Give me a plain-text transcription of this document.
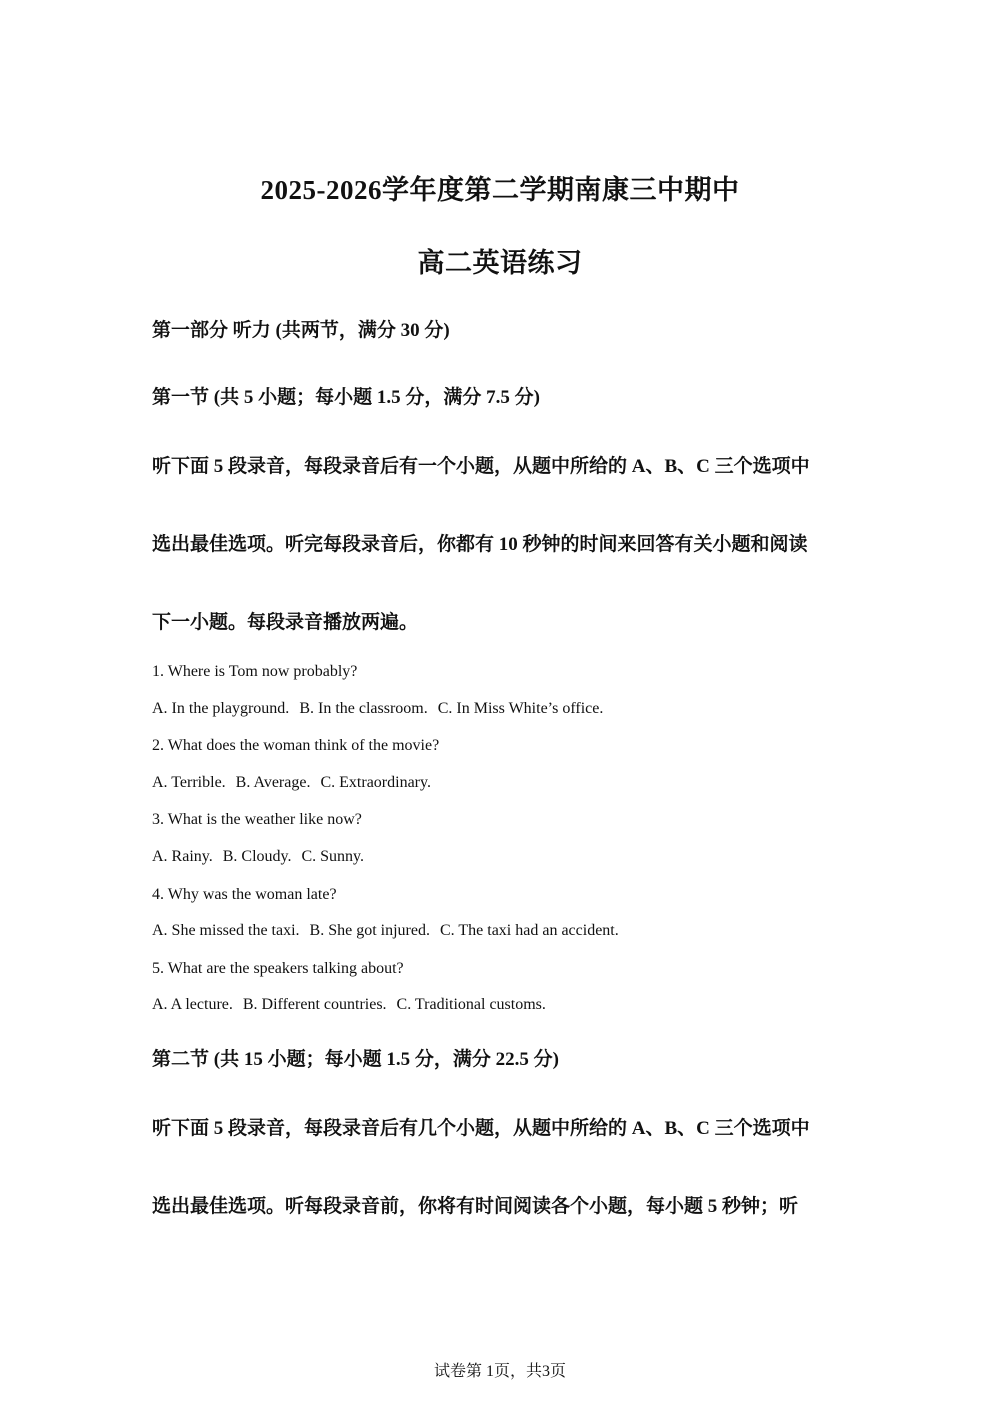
2025-2026学年度第二学期南康三中期中
高二英语练习
第一部分 听力 (共两节，满分 30 分)
第一节 (共 5 小题；每小题 1.5 分，满分 7.5 分)
听下面 5 段录音，每段录音后有一个小题，从题中所给的 A、B、C 三个选项中
选出最佳选项。听完每段录音后，你都有 10 秒钟的时间来回答有关小题和阅读
下一小题。每段录音播放两遍。
1. Where is Tom now probably?
A. In the playground. B. In the classroom. C. In Miss White’s office.
2. What does the woman think of the movie?
A. Terrible. B. Average. C. Extraordinary.
3. What is the weather like now?
A. Rainy. B. Cloudy. C. Sunny.
4. Why was the woman late?
A. She missed the taxi. B. She got injured. C. The taxi had an accident.
5. What are the speakers talking about?
A. A lecture. B. Different countries. C. Traditional customs.
第二节 (共 15 小题；每小题 1.5 分，满分 22.5 分)
听下面 5 段录音，每段录音后有几个小题，从题中所给的 A、B、C 三个选项中
选出最佳选项。听每段录音前，你将有时间阅读各个小题，每小题 5 秒钟；听
试卷第 1页，共3页
